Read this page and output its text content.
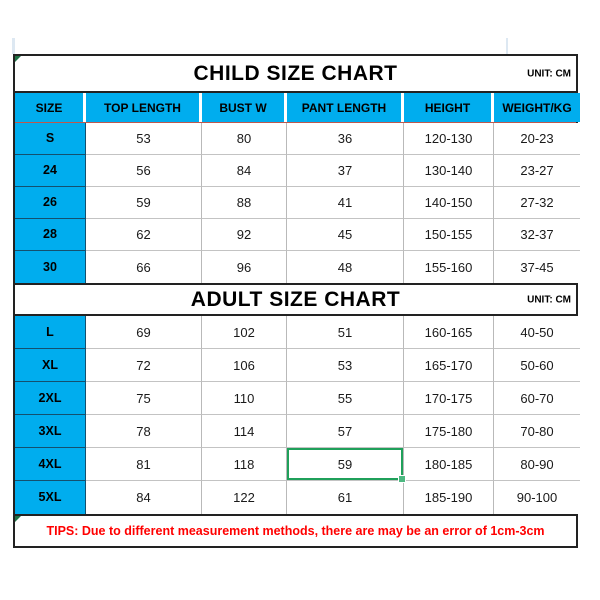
CHILD SIZE CHART	UNIT: CM
SIZE	TOP LENGTH	BUST W	PANT LENGTH	HEIGHT	WEIGHT/KG
S	53	80	36	120-130	20-23
24	56	84	37	130-140	23-27
26	59	88	41	140-150	27-32
28	62	92	45	150-155	32-37
30	66	96	48	155-160	37-45
ADULT SIZE CHART	UNIT: CM
L	69	102	51	160-165	40-50
XL	72	106	53	165-170	50-60
2XL	75	110	55	170-175	60-70
3XL	78	114	57	175-180	70-80
4XL	81	118	59	180-185	80-90
5XL	84	122	61	185-190	90-100
TIPS: Due to different measurement methods, there are may be an error of 1cm-3cm
